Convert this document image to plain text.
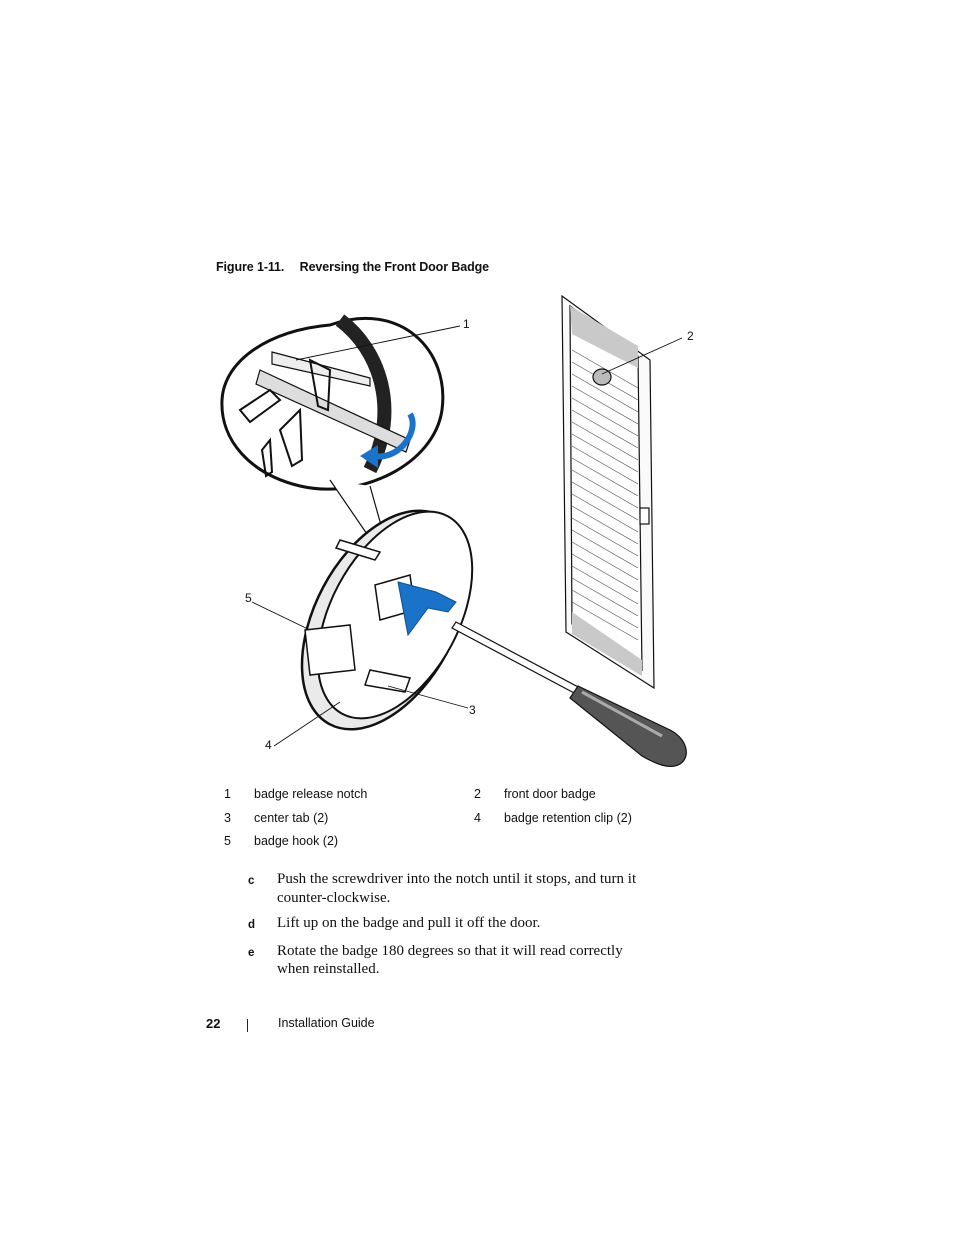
Figure 1-11. Reversing the Front Door Badge
1
2
3
4
5
1	badge release notch	2	front door badge
3	center tab (2)	4	badge retention clip (2)
5	badge hook (2)
c	Push the screwdriver into the notch until it stops, and turn it counter-clockwise.
d	Lift up on the badge and pull it off the door.
e	Rotate the badge 180 degrees so that it will read correctly when reinstalled.
22	Installation Guide
